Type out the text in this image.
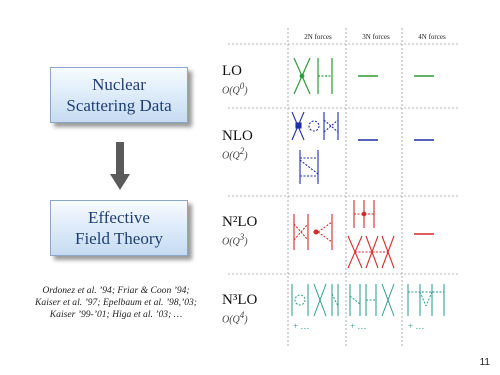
Nuclear
Scattering Data
Effective
Field Theory
Ordonez et al. ’94; Friar & Coon ’94;
Kaiser et al. ’97; Epelbaum et al. ’98,’03;
Kaiser ’99-’01; Higa et al. ’03; …
2N forces	3N forces	4N forces
LO
$O(Q^0)$
NLO
$O(Q^2)$
N²LO
$O(Q^3)$
N³LO
$O(Q^4)$
+ …	+ …	+ …
11
